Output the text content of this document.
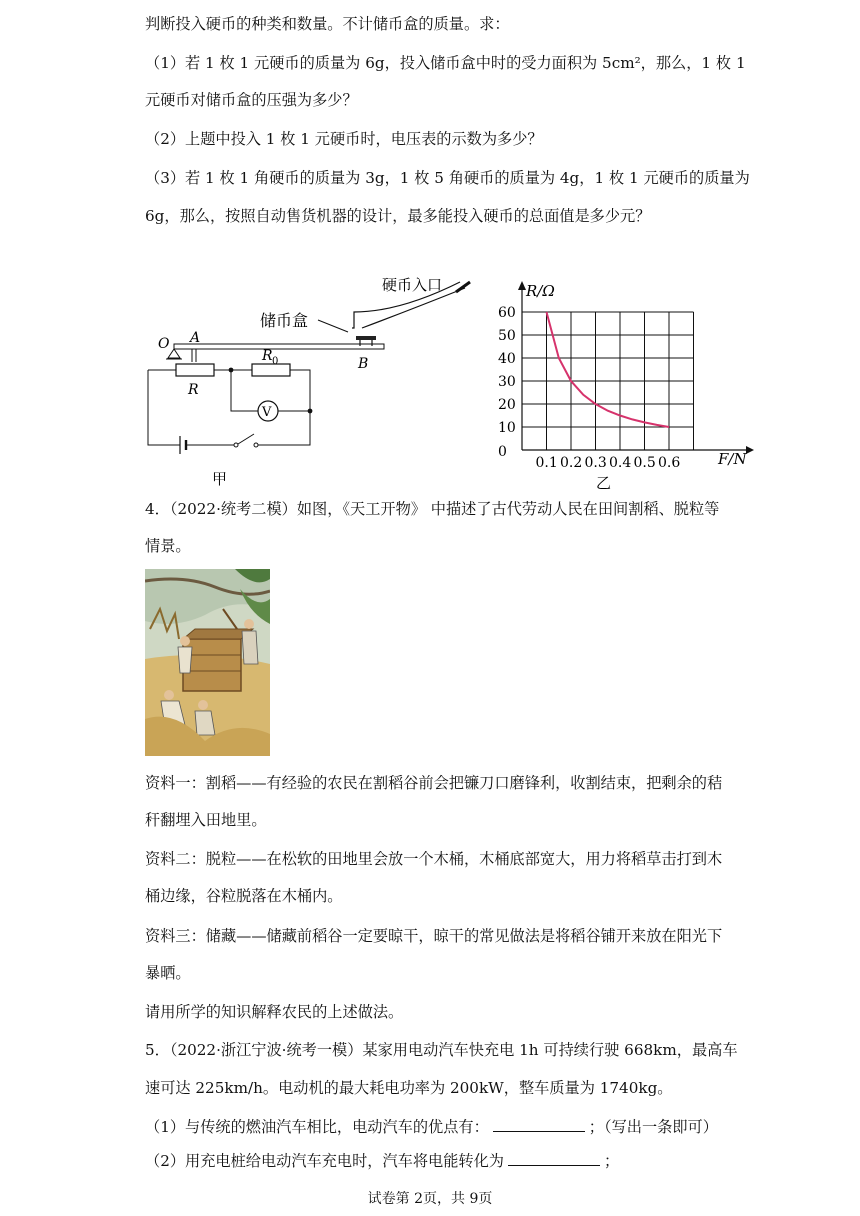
判断投入硬币的种类和数量。不计储币盒的质量。求：
（1）若 1 枚 1 元硬币的质量为 6g，投入储币盒中时的受力面积为 5cm²，那么，1 枚 1
元硬币对储币盒的压强为多少？
（2）上题中投入 1 枚 1 元硬币时，电压表的示数为多少？
（3）若 1 枚 1 角硬币的质量为 3g，1 枚 5 角硬币的质量为 4g，1 枚 1 元硬币的质量为
6g，那么，按照自动售货机器的设计，最多能投入硬币的总面值是多少元？
硬币入口
储币盒
B
O A
V
R
R 0
甲
0.1 0.2 0.3 0.4 0.5 0.6
10
20
30
40
50
60
R/Ω
F/N
0
乙
4．（2022·统考二模）如图，《天工开物》 中描述了古代劳动人民在田间割稻、脱粒等
情景。
资料一：割稻——有经验的农民在割稻谷前会把镰刀口磨锋利，收割结束，把剩余的秸
秆翻埋入田地里。
资料二：脱粒——在松软的田地里会放一个木桶，木桶底部宽大，用力将稻草击打到木
桶边缘，谷粒脱落在木桶内。
资料三：储藏——储藏前稻谷一定要晾干，晾干的常见做法是将稻谷铺开来放在阳光下
暴晒。
请用所学的知识解释农民的上述做法。
5．（2022·浙江宁波·统考一模）某家用电动汽车快充电 1h 可持续行驶 668km，最高车
速可达 225km/h。电动机的最大耗电功率为 200kW，整车质量为 1740kg。
（1）与传统的燃油汽车相比，电动汽车的优点有：	；（写出一条即可）
（2）用充电桩给电动汽车充电时，汽车将电能转化为	；
试卷第 2页，共 9页
